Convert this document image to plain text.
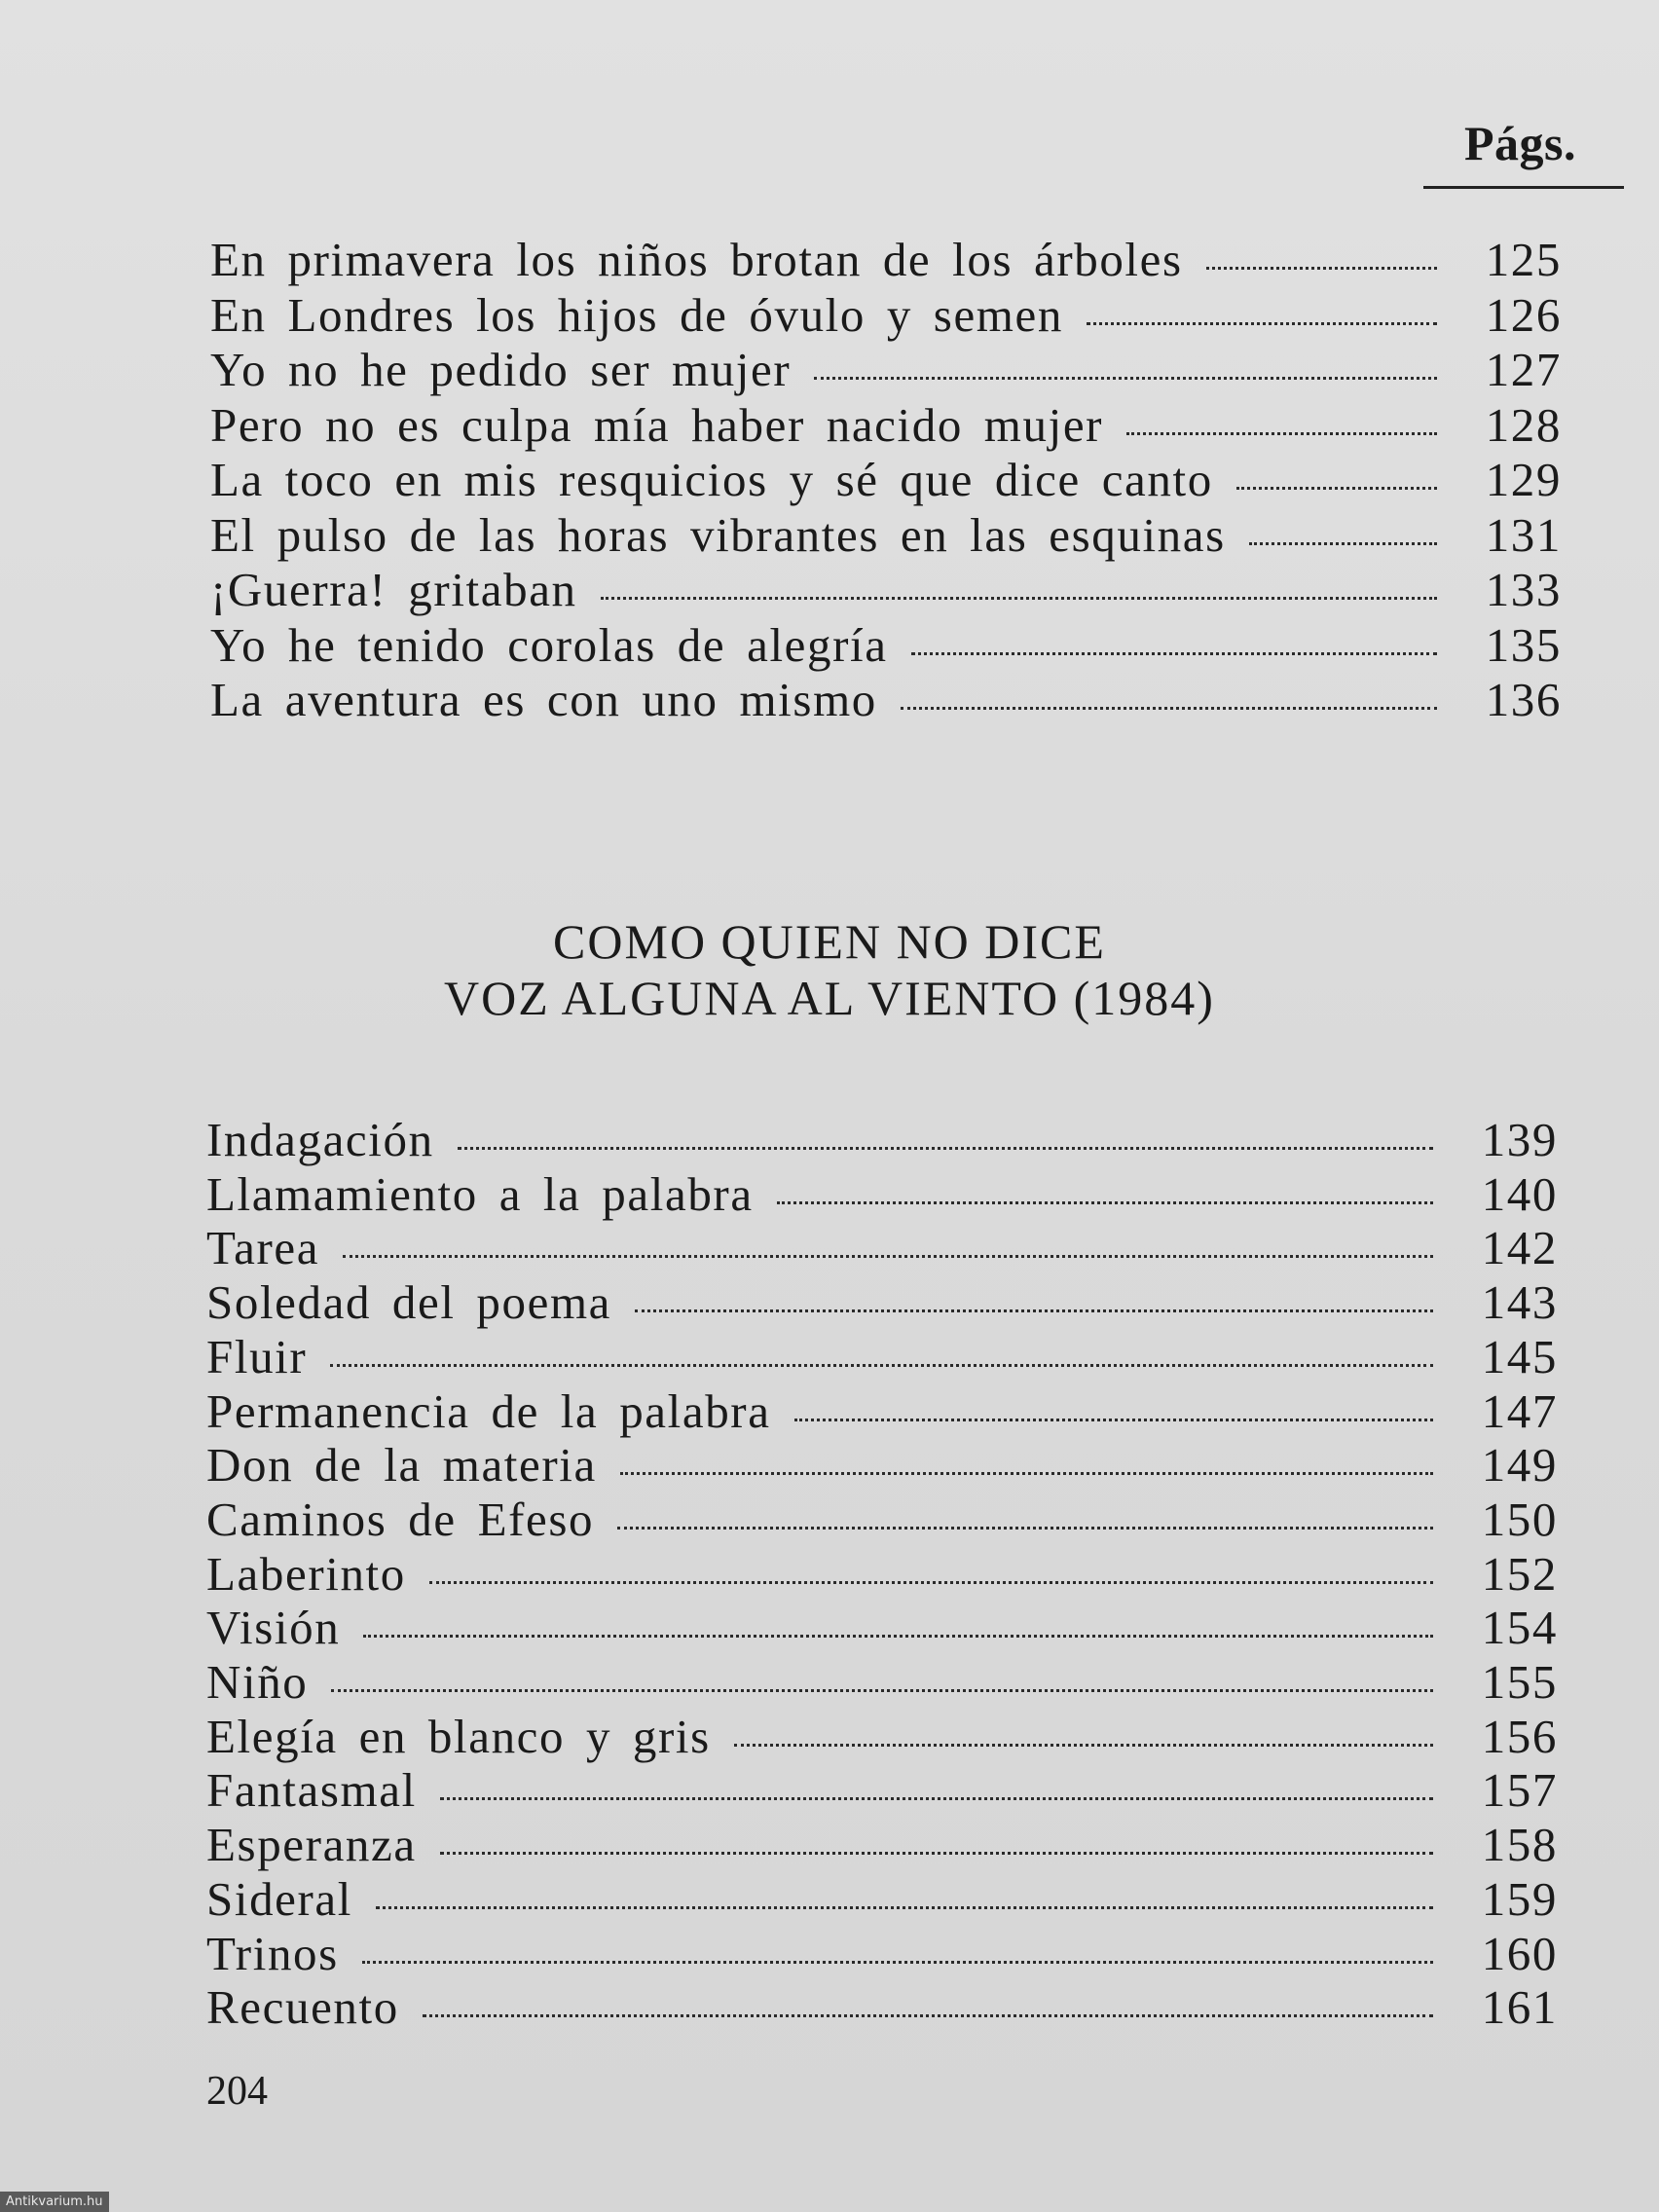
Págs.
En primavera los niños brotan de los árboles	125
En Londres los hijos de óvulo y semen	126
Yo no he pedido ser mujer	127
Pero no es culpa mía haber nacido mujer	128
La toco en mis resquicios y sé que dice canto	129
El pulso de las horas vibrantes en las esquinas	131
¡Guerra! gritaban	133
Yo he tenido corolas de alegría	135
La aventura es con uno mismo	136
COMO QUIEN NO DICE
VOZ ALGUNA AL VIENTO (1984)
Indagación	139
Llamamiento a la palabra	140
Tarea	142
Soledad del poema	143
Fluir	145
Permanencia de la palabra	147
Don de la materia	149
Caminos de Efeso	150
Laberinto	152
Visión	154
Niño	155
Elegía en blanco y gris	156
Fantasmal	157
Esperanza	158
Sideral	159
Trinos	160
Recuento	161
204
Antikvarium.hu
